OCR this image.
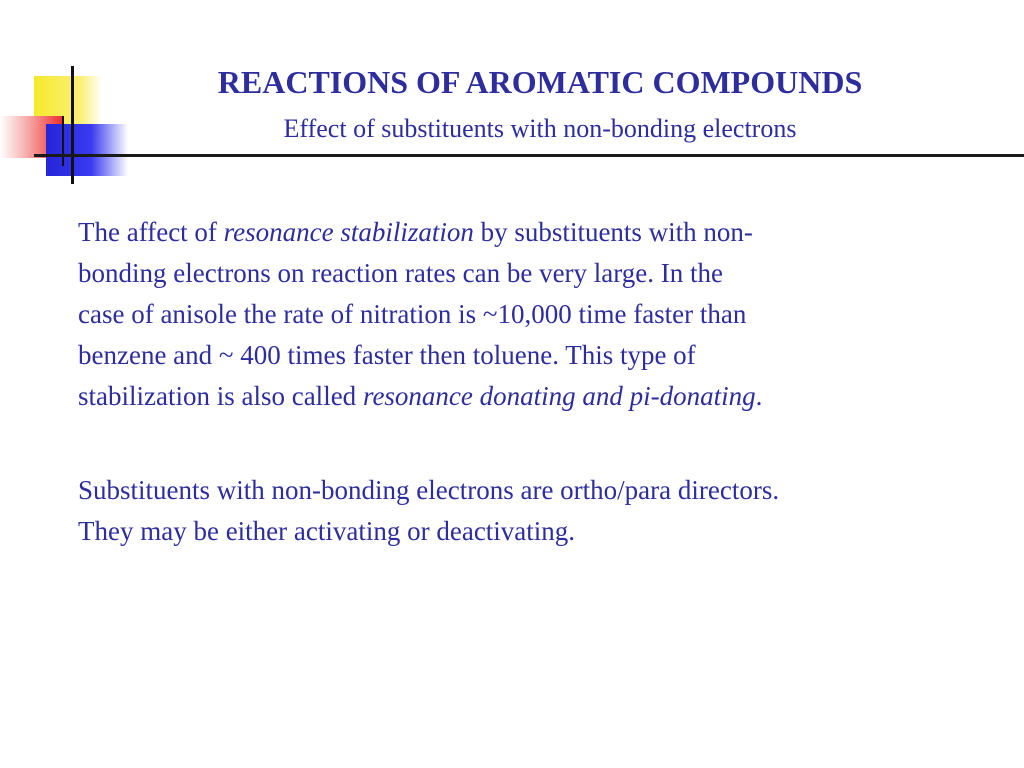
REACTIONS OF AROMATIC COMPOUNDS
Effect of substituents with non-bonding electrons
The affect of resonance stabilization by substituents with non-
bonding electrons on reaction rates can be very large. In the
case of anisole the rate of nitration is ~10,000 time faster than
benzene and ~ 400 times faster then toluene. This type of
stabilization is also called resonance donating and pi-donating.
Substituents with non-bonding electrons are ortho/para directors.
They may be either activating or deactivating.
